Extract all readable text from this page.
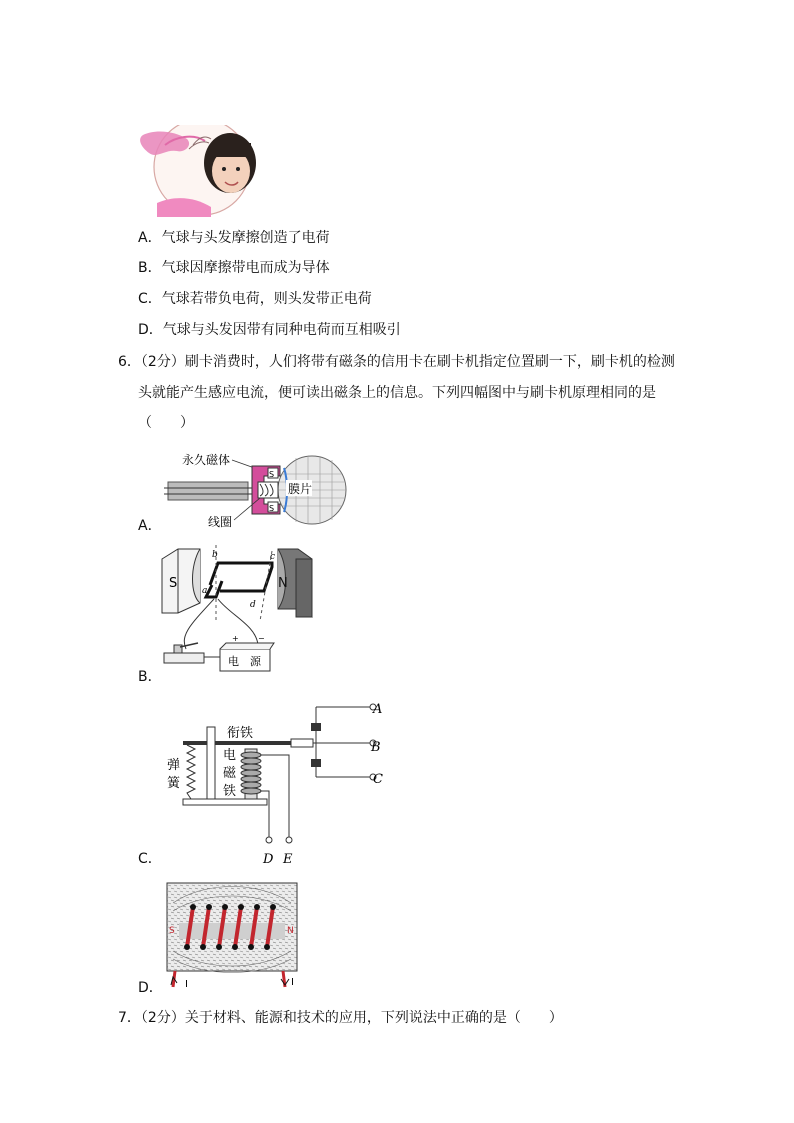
A．气球与头发摩擦创造了电荷
B．气球因摩擦带电而成为导体
C．气球若带负电荷，则头发带正电荷
D．气球与头发因带有同种电荷而互相吸引
6．（2分）刷卡消费时，人们将带有磁条的信用卡在刷卡机指定位置刷一下，刷卡机的检测
头就能产生感应电流，便可读出磁条上的信息。下列四幅图中与刷卡机原理相同的是
（　　）
永久磁体
S
S
膜片
线圈
A．
S	N
b	c
a
d
电　源
+ −
B．
衔铁
A
B
C
弹
簧
电
磁
铁
D E
C．
S	N
I	I
D．
7．（2分）关于材料、能源和技术的应用，下列说法中正确的是（　　）
